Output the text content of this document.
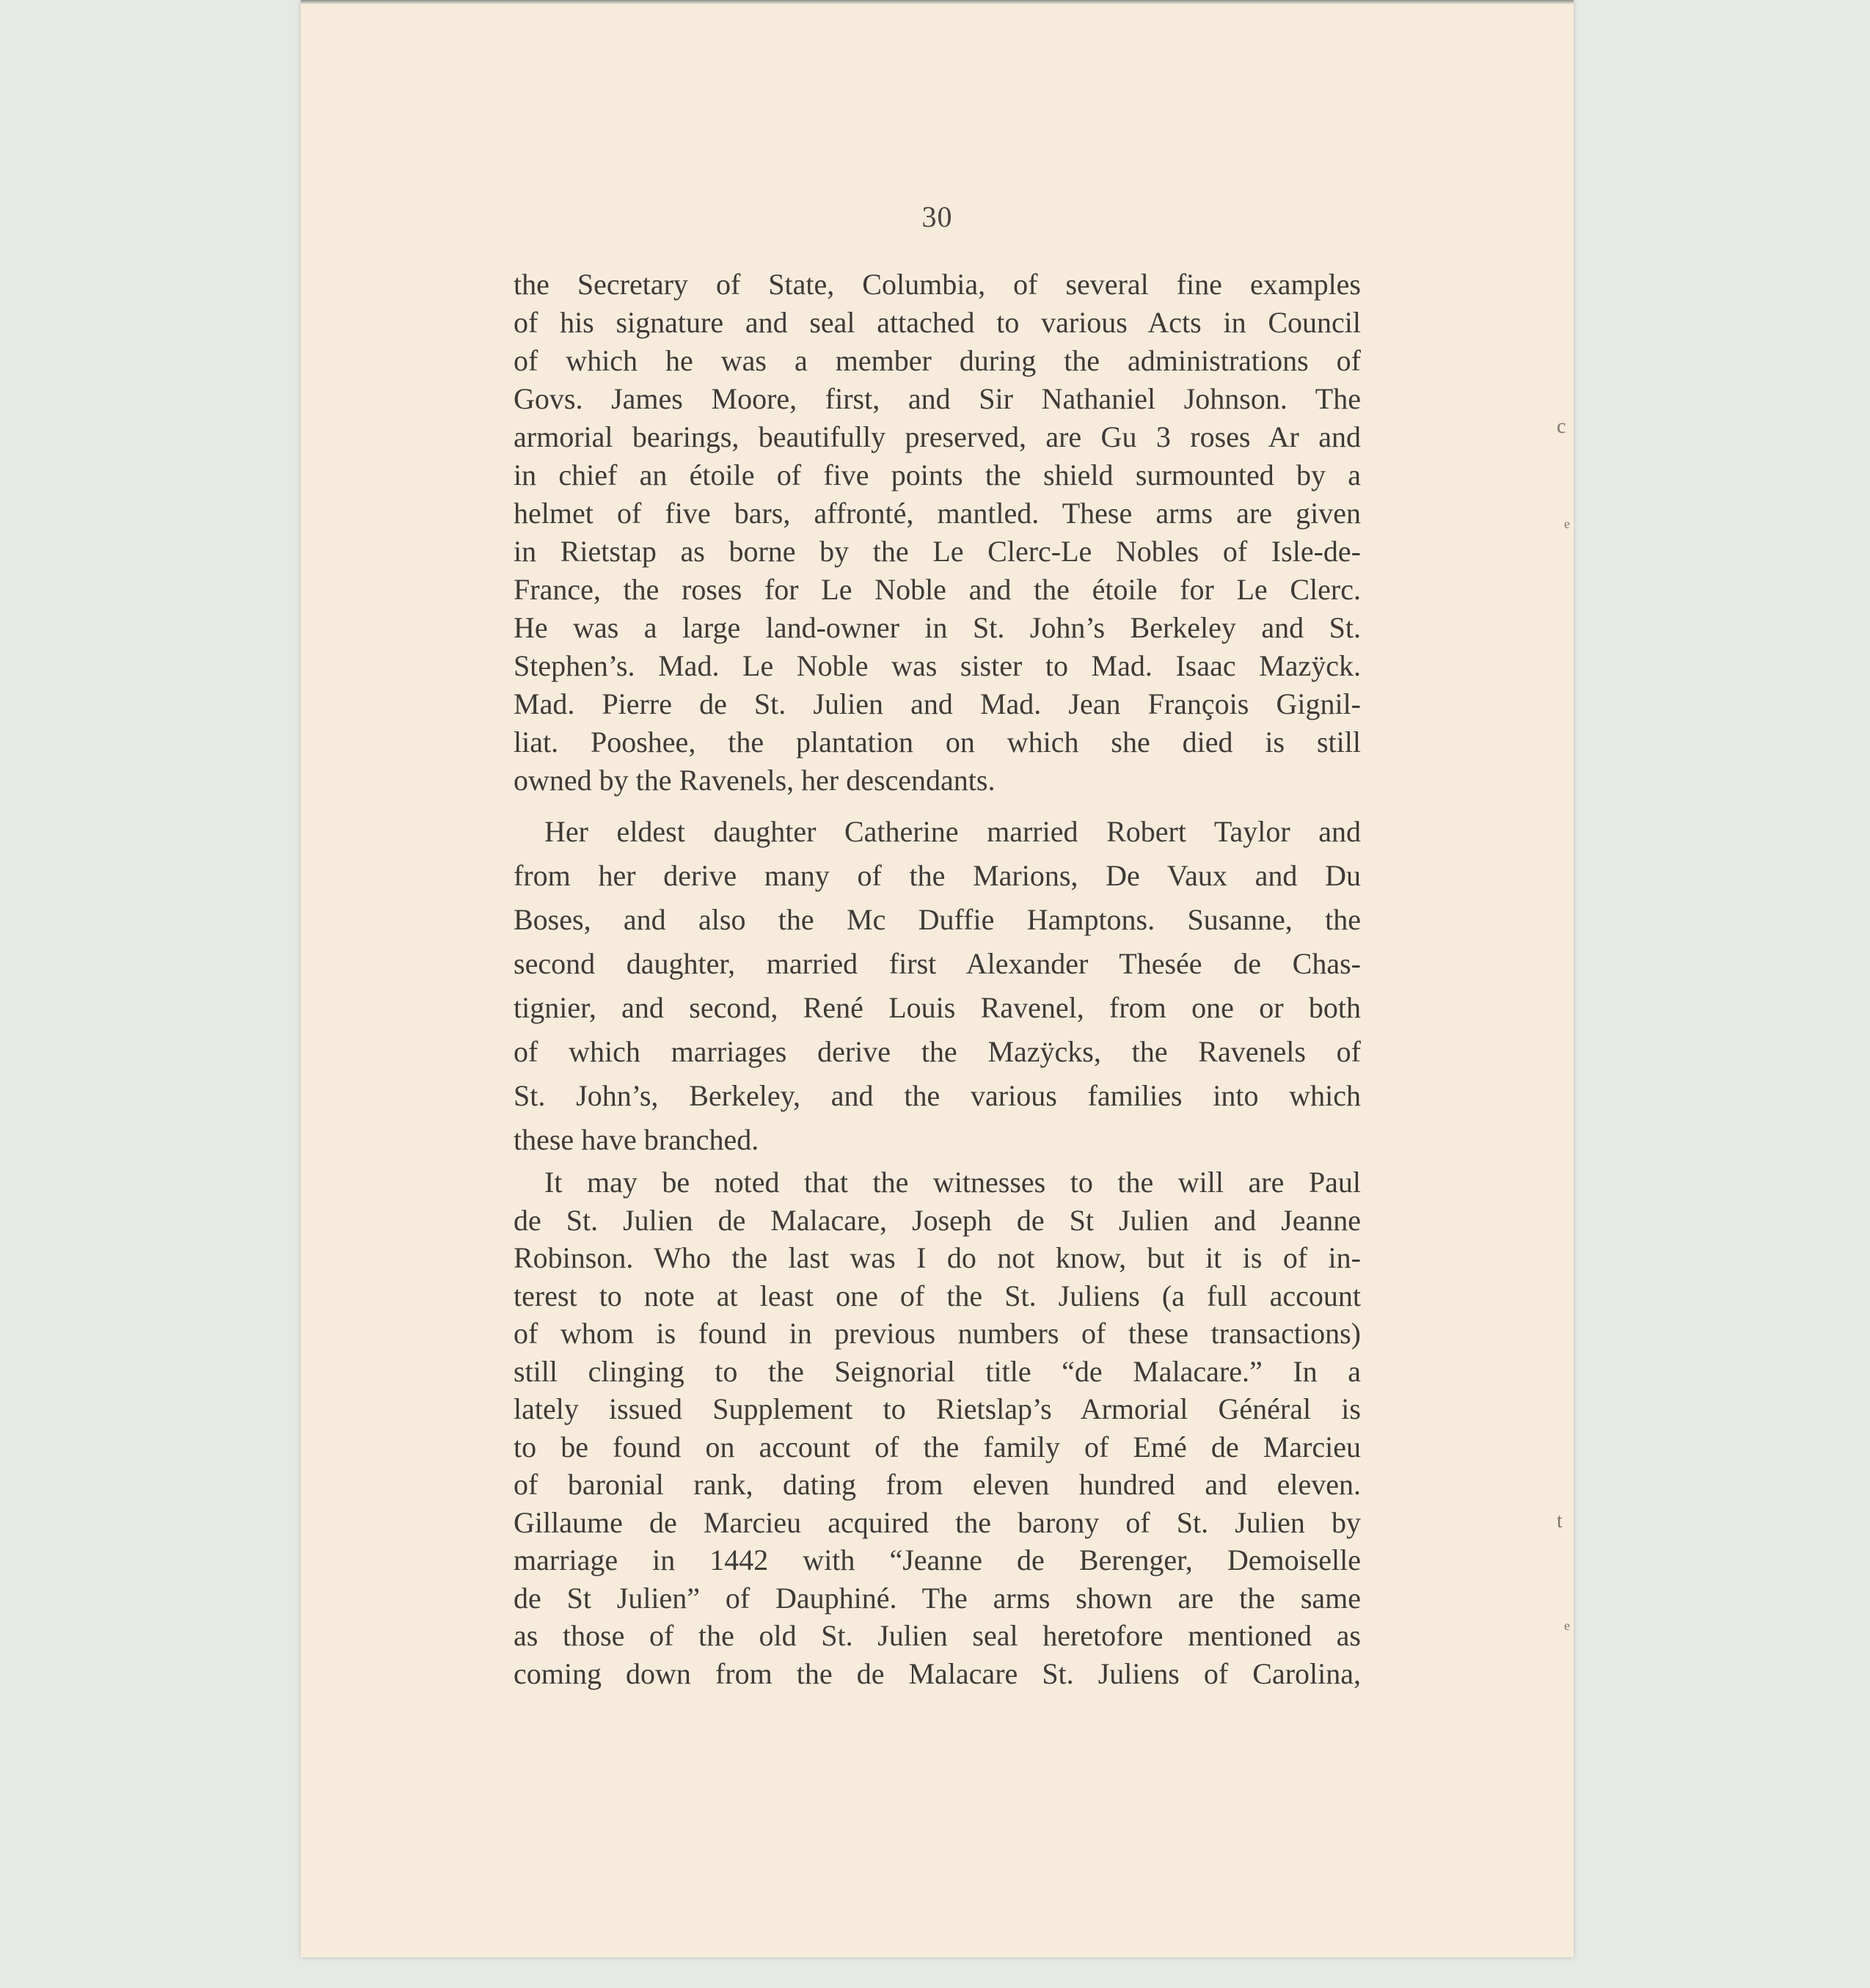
30
the Secretary of State, Columbia, of several fine examples
of his signature and seal attached to various Acts in Council
of which he was a member during the administrations of
Govs. James Moore, first, and Sir Nathaniel Johnson. The
armorial bearings, beautifully preserved, are Gu 3 roses Ar and
in chief an étoile of five points the shield surmounted by a
helmet of five bars, affronté, mantled. These arms are given
in Rietstap as borne by the Le Clerc-Le Nobles of Isle-de-
France, the roses for Le Noble and the étoile for Le Clerc.
He was a large land-owner in St. John’s Berkeley and St.
Stephen’s. Mad. Le Noble was sister to Mad. Isaac Mazÿck.
Mad. Pierre de St. Julien and Mad. Jean François Gignil-
liat. Pooshee, the plantation on which she died is still
owned by the Ravenels, her descendants.
Her eldest daughter Catherine married Robert Taylor and
from her derive many of the Marions, De Vaux and Du
Boses, and also the Mc Duffie Hamptons. Susanne, the
second daughter, married first Alexander Thesée de Chas-
tignier, and second, René Louis Ravenel, from one or both
of which marriages derive the Mazÿcks, the Ravenels of
St. John’s, Berkeley, and the various families into which
these have branched.
It may be noted that the witnesses to the will are Paul
de St. Julien de Malacare, Joseph de St Julien and Jeanne
Robinson. Who the last was I do not know, but it is of in-
terest to note at least one of the St. Juliens (a full account
of whom is found in previous numbers of these transactions)
still clinging to the Seignorial title “de Malacare.” In a
lately issued Supplement to Rietslap’s Armorial Général is
to be found on account of the family of Emé de Marcieu
of baronial rank, dating from eleven hundred and eleven.
Gillaume de Marcieu acquired the barony of St. Julien by
marriage in 1442 with “Jeanne de Berenger, Demoiselle
de St Julien” of Dauphiné. The arms shown are the same
as those of the old St. Julien seal heretofore mentioned as
coming down from the de Malacare St. Juliens of Carolina,
c
e
t
e
